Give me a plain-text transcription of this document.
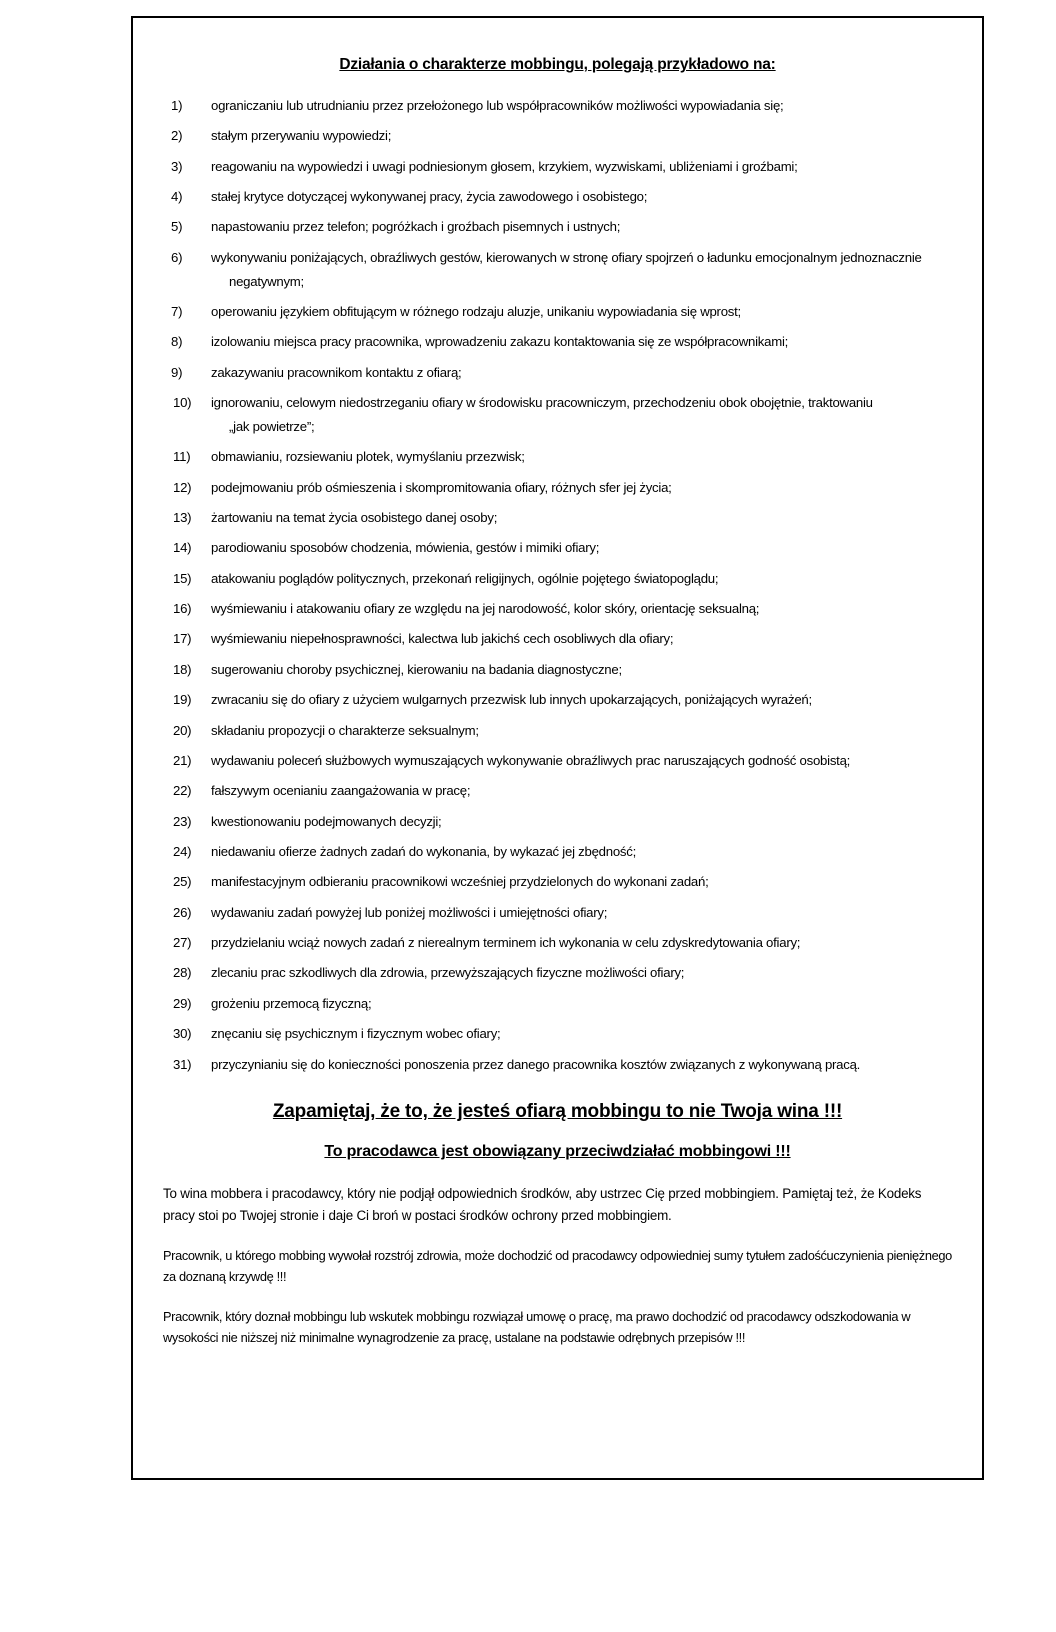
Działania o charakterze mobbingu, polegają przykładowo na:
1)	ograniczaniu lub utrudnianiu przez przełożonego lub współpracowników możliwości wypowiadania się;
2)	stałym przerywaniu wypowiedzi;
3)	reagowaniu na wypowiedzi i uwagi podniesionym głosem, krzykiem, wyzwiskami, ubliżeniami i groźbami;
4)	stałej krytyce dotyczącej wykonywanej pracy, życia zawodowego i osobistego;
5)	napastowaniu przez telefon; pogróżkach i groźbach pisemnych i ustnych;
6)	wykonywaniu poniżających, obraźliwych gestów, kierowanych w stronę ofiary spojrzeń o ładunku emocjonalnym jednoznacznie
negatywnym;
7)	operowaniu językiem obfitującym w różnego rodzaju aluzje, unikaniu wypowiadania się wprost;
8)	izolowaniu miejsca pracy pracownika, wprowadzeniu zakazu kontaktowania się ze współpracownikami;
9)	zakazywaniu pracownikom kontaktu z ofiarą;
10)	ignorowaniu, celowym niedostrzeganiu ofiary w środowisku pracowniczym, przechodzeniu obok obojętnie, traktowaniu
„jak powietrze”;
11)	obmawianiu, rozsiewaniu plotek, wymyślaniu przezwisk;
12)	podejmowaniu prób ośmieszenia i skompromitowania ofiary, różnych sfer jej życia;
13)	żartowaniu na temat życia osobistego danej osoby;
14)	parodiowaniu sposobów chodzenia, mówienia, gestów i mimiki ofiary;
15)	atakowaniu poglądów politycznych, przekonań religijnych, ogólnie pojętego światopoglądu;
16)	wyśmiewaniu i atakowaniu ofiary ze względu na jej narodowość, kolor skóry, orientację seksualną;
17)	wyśmiewaniu niepełnosprawności, kalectwa lub jakichś cech osobliwych dla ofiary;
18)	sugerowaniu choroby psychicznej, kierowaniu na badania diagnostyczne;
19)	zwracaniu się do ofiary z użyciem wulgarnych przezwisk lub innych upokarzających, poniżających wyrażeń;
20)	składaniu propozycji o charakterze seksualnym;
21)	wydawaniu poleceń służbowych wymuszających wykonywanie obraźliwych prac naruszających godność osobistą;
22)	fałszywym ocenianiu zaangażowania w pracę;
23)	kwestionowaniu podejmowanych decyzji;
24)	niedawaniu ofierze żadnych zadań do wykonania, by wykazać jej zbędność;
25)	manifestacyjnym odbieraniu pracownikowi wcześniej przydzielonych do wykonani zadań;
26)	wydawaniu zadań powyżej lub poniżej możliwości i umiejętności ofiary;
27)	przydzielaniu wciąż nowych zadań z nierealnym terminem ich wykonania w celu zdyskredytowania ofiary;
28)	zlecaniu prac szkodliwych dla zdrowia, przewyższających fizyczne możliwości ofiary;
29)	grożeniu przemocą fizyczną;
30)	znęcaniu się psychicznym i fizycznym wobec ofiary;
31)	przyczynianiu się do konieczności ponoszenia przez danego pracownika kosztów związanych z wykonywaną pracą.
Zapamiętaj, że to, że jesteś ofiarą mobbingu to nie Twoja wina !!!
To pracodawca jest obowiązany przeciwdziałać mobbingowi !!!

To wina mobbera i pracodawcy, który nie podjął odpowiednich środków, aby ustrzec Cię przed mobbingiem. Pamiętaj też, że Kodeks pracy stoi po Twojej stronie i daje Ci broń w postaci środków ochrony przed mobbingiem.

Pracownik, u którego mobbing wywołał rozstrój zdrowia, może dochodzić od pracodawcy odpowiedniej sumy tytułem zadośćuczynienia pieniężnego za doznaną krzywdę !!!

Pracownik, który doznał mobbingu lub wskutek mobbingu rozwiązał umowę o pracę, ma prawo dochodzić od pracodawcy odszkodowania w wysokości nie niższej niż minimalne wynagrodzenie za pracę, ustalane na podstawie odrębnych przepisów !!!
